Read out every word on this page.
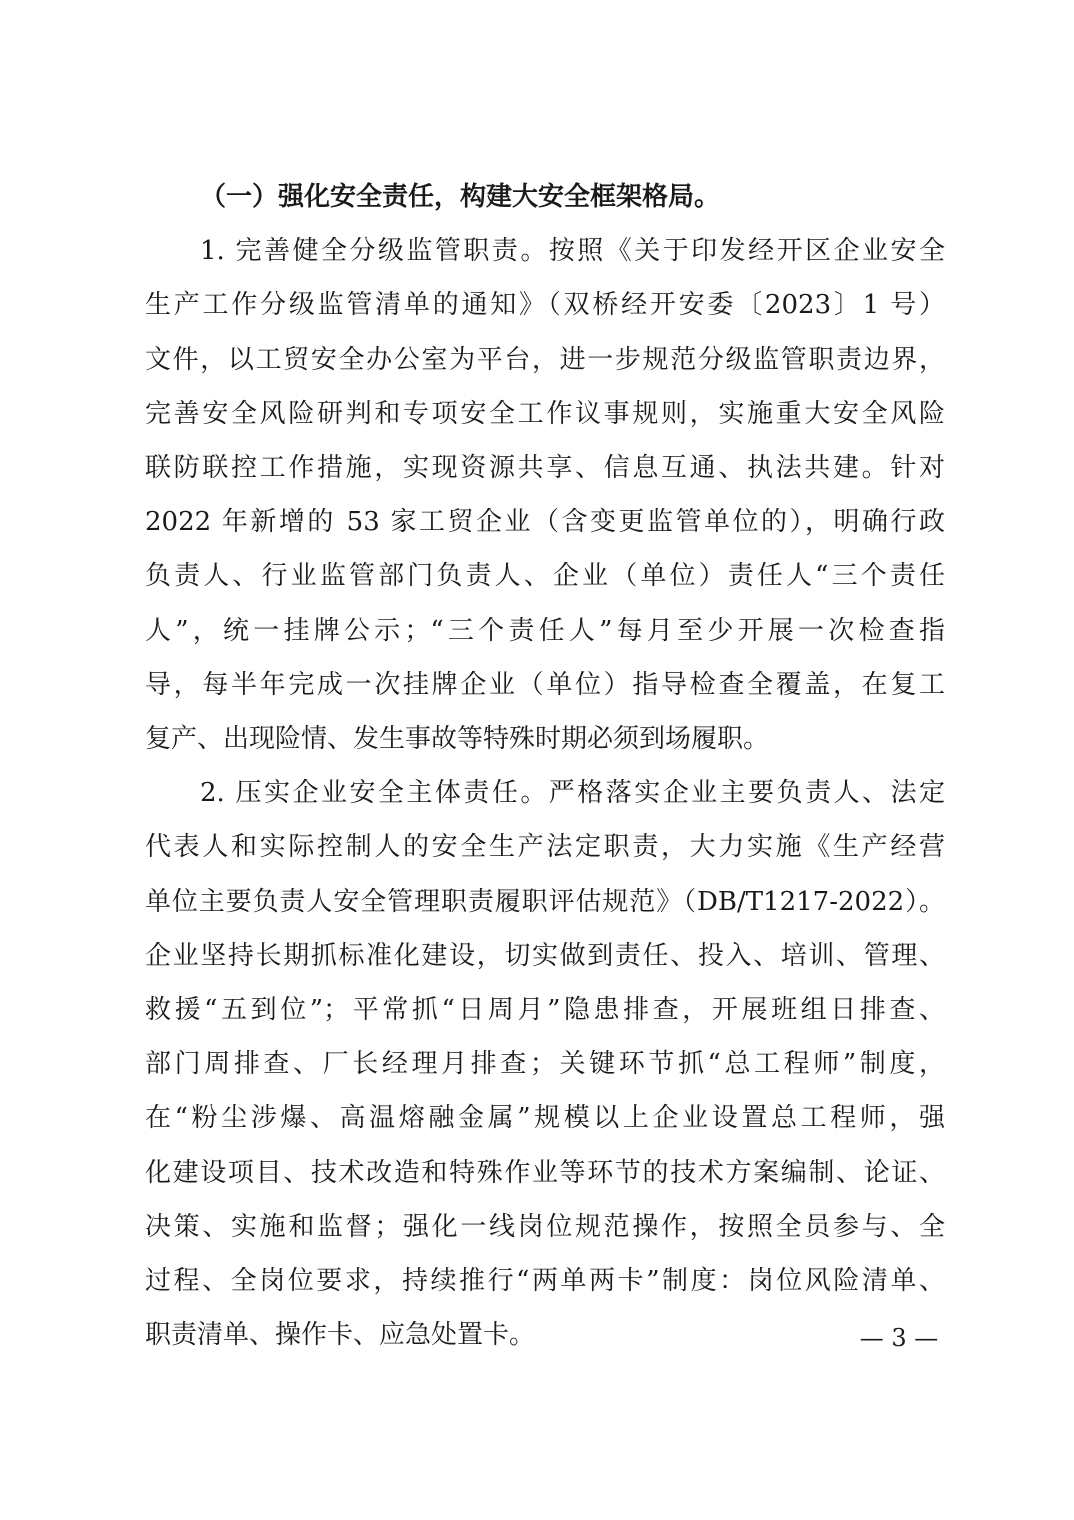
（一）强化安全责任，构建大安全框架格局。

1. 完善健全分级监管职责。按照《关于印发经开区企业安全

生产工作分级监管清单的通知》（双桥经开安委〔2023〕1 号）

文件，以工贸安全办公室为平台，进一步规范分级监管职责边界，

完善安全风险研判和专项安全工作议事规则，实施重大安全风险

联防联控工作措施，实现资源共享、信息互通、执法共建。针对

2022 年新增的 53 家工贸企业（含变更监管单位的），明确行政

负责人、行业监管部门负责人、企业（单位）责任人“三个责任

人”，统一挂牌公示；“三个责任人”每月至少开展一次检查指

导，每半年完成一次挂牌企业（单位）指导检查全覆盖，在复工

复产、出现险情、发生事故等特殊时期必须到场履职。

2. 压实企业安全主体责任。严格落实企业主要负责人、法定

代表人和实际控制人的安全生产法定职责，大力实施《生产经营

单位主要负责人安全管理职责履职评估规范》（DB/T1217-2022）。

企业坚持长期抓标准化建设，切实做到责任、投入、培训、管理、

救援“五到位”；平常抓“日周月”隐患排查，开展班组日排查、

部门周排查、厂长经理月排查；关键环节抓“总工程师”制度，

在“粉尘涉爆、高温熔融金属”规模以上企业设置总工程师，强

化建设项目、技术改造和特殊作业等环节的技术方案编制、论证、

决策、实施和监督；强化一线岗位规范操作，按照全员参与、全

过程、全岗位要求，持续推行“两单两卡”制度：岗位风险清单、

职责清单、操作卡、应急处置卡。	— 3 —
